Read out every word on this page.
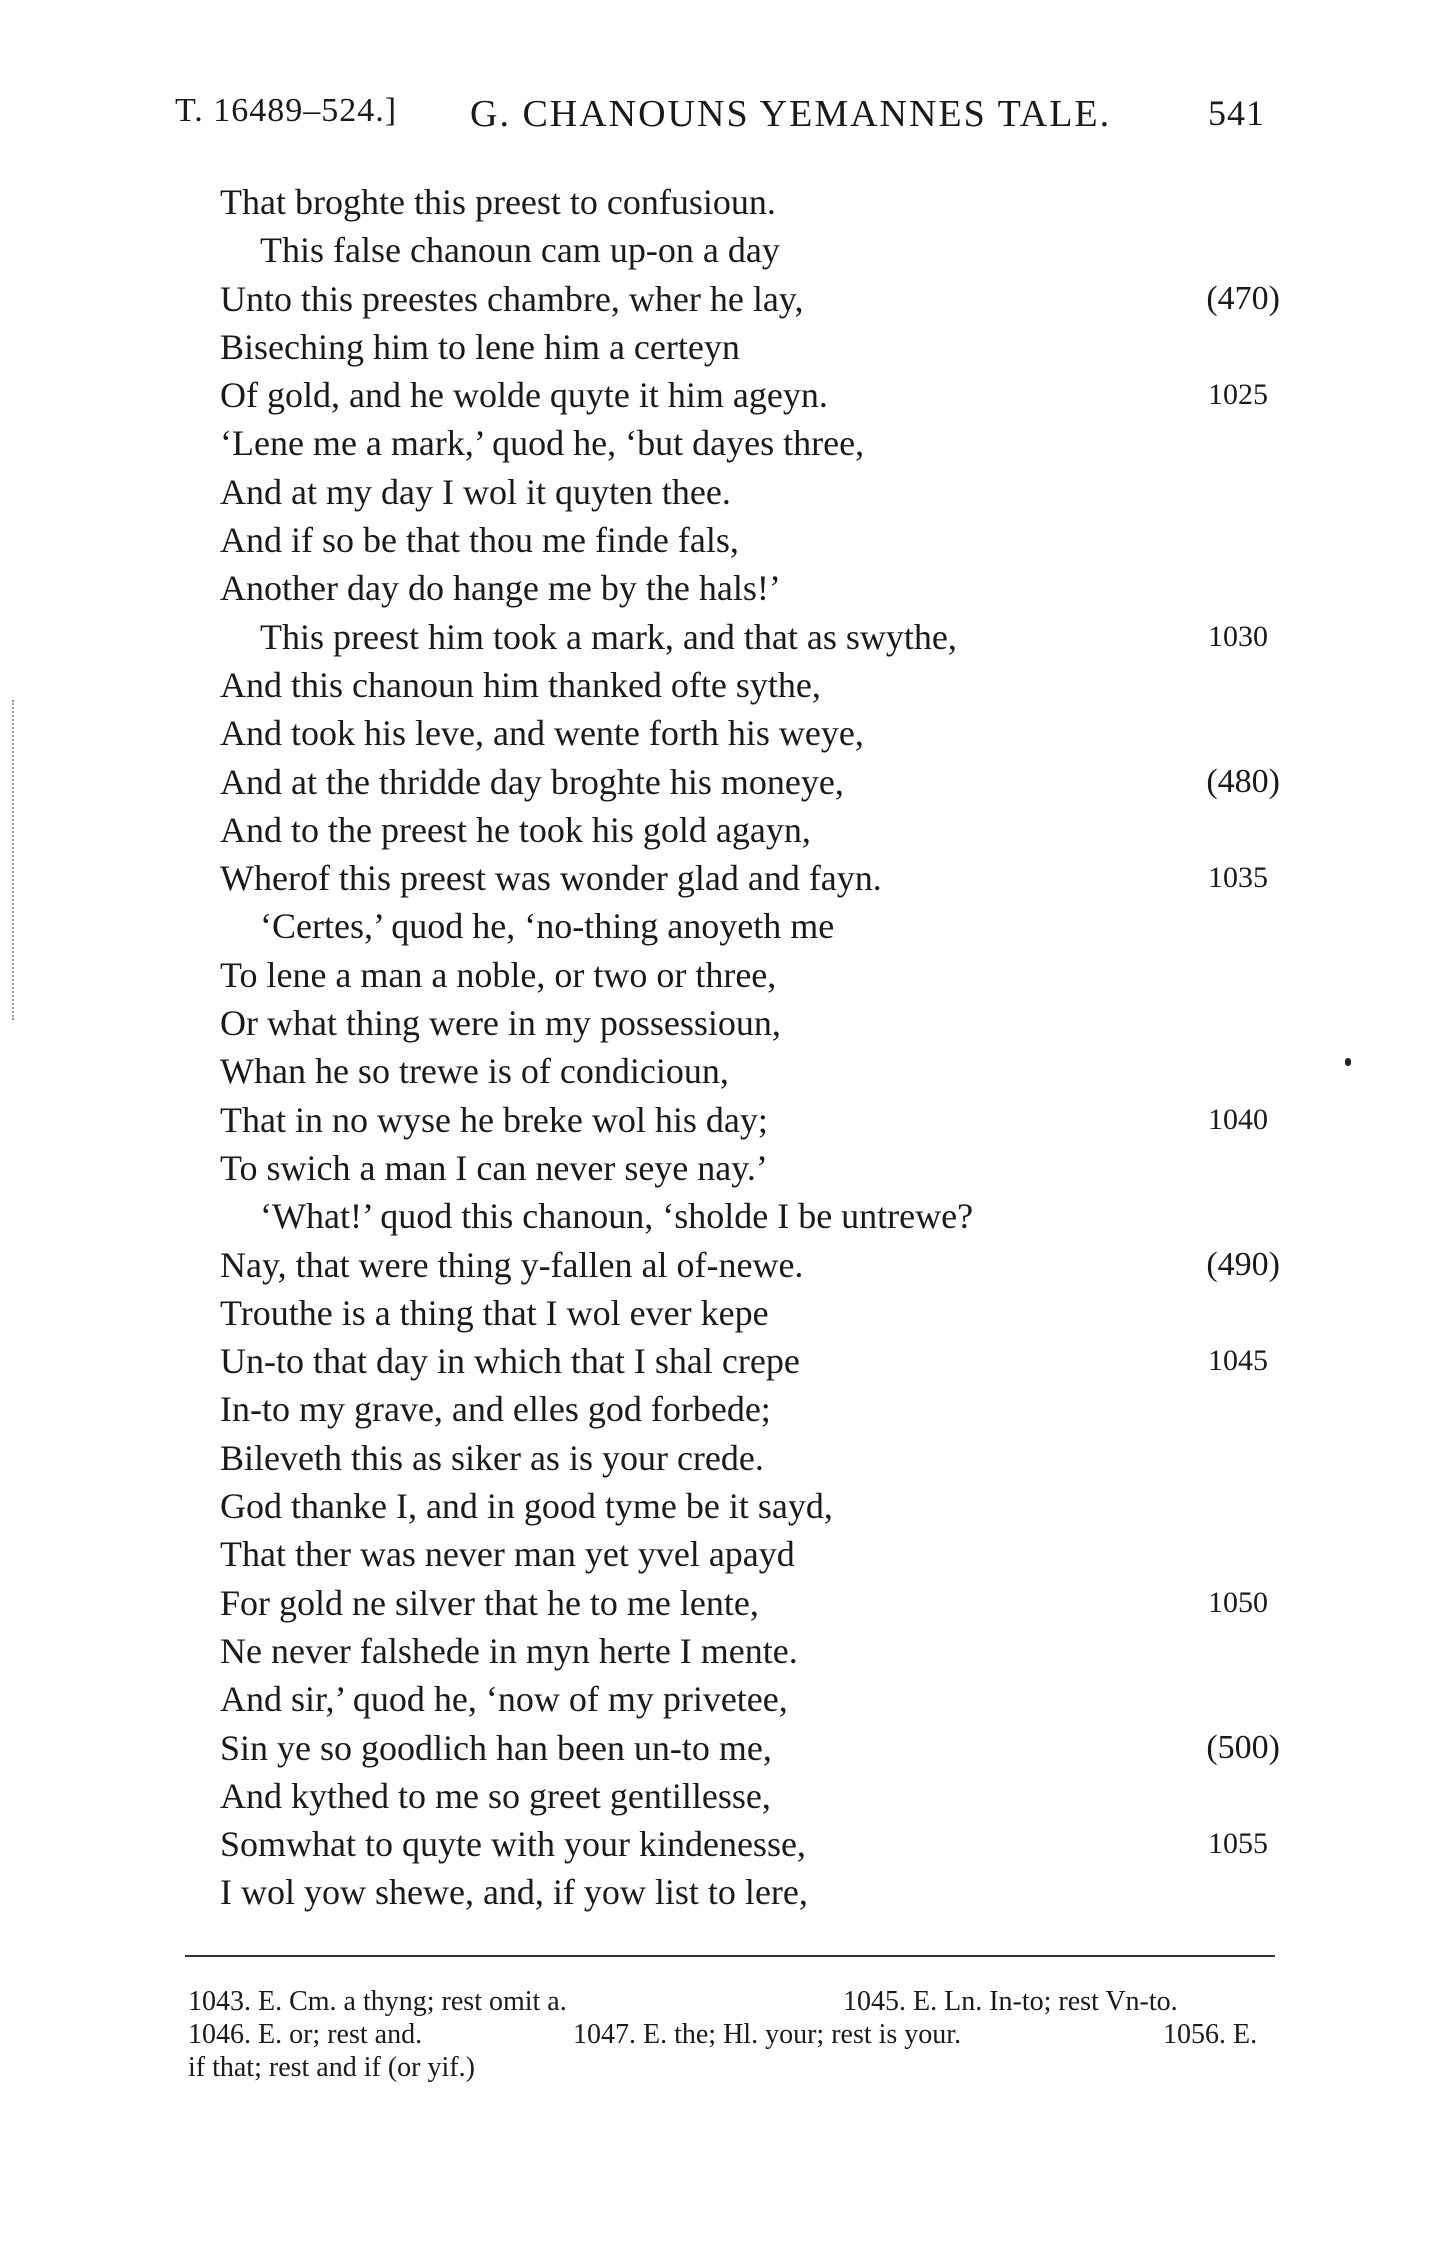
T. 16489–524.] G. CHANOUNS YEMANNES TALE.	541
That broghte this preest to confusioun.
This false chanoun cam up-on a day
Unto this preestes chambre, wher he lay,	(470)
Biseching him to lene him a certeyn
Of gold, and he wolde quyte it him ageyn.	1025
‘Lene me a mark,’ quod he, ‘but dayes three,
And at my day I wol it quyten thee.
And if so be that thou me finde fals,
Another day do hange me by the hals!’
This preest him took a mark, and that as swythe,	1030
And this chanoun him thanked ofte sythe,
And took his leve, and wente forth his weye,
And at the thridde day broghte his moneye,	(480)
And to the preest he took his gold agayn,
Wherof this preest was wonder glad and fayn.	1035
‘Certes,’ quod he, ‘no-thing anoyeth me
To lene a man a noble, or two or three,
Or what thing were in my possessioun,
Whan he so trewe is of condicioun,
That in no wyse he breke wol his day;	1040
To swich a man I can never seye nay.’
‘What!’ quod this chanoun, ‘sholde I be untrewe?
Nay, that were thing y-fallen al of-newe.	(490)
Trouthe is a thing that I wol ever kepe
Un-to that day in which that I shal crepe	1045
In-to my grave, and elles god forbede;
Bileveth this as siker as is your crede.
God thanke I, and in good tyme be it sayd,
That ther was never man yet yvel apayd
For gold ne silver that he to me lente,	1050
Ne never falshede in myn herte I mente.
And sir,’ quod he, ‘now of my privetee,
Sin ye so goodlich han been un-to me,	(500)
And kythed to me so greet gentillesse,
Somwhat to quyte with your kindenesse,	1055
I wol yow shewe, and, if yow list to lere,
1043. E. Cm. a thyng; rest omit a.	1045. E. Ln. In-to; rest Vn-to.
1046. E. or; rest and.	1047. E. the; Hl. your; rest is your.	1056. E.
if that; rest and if (or yif.)
